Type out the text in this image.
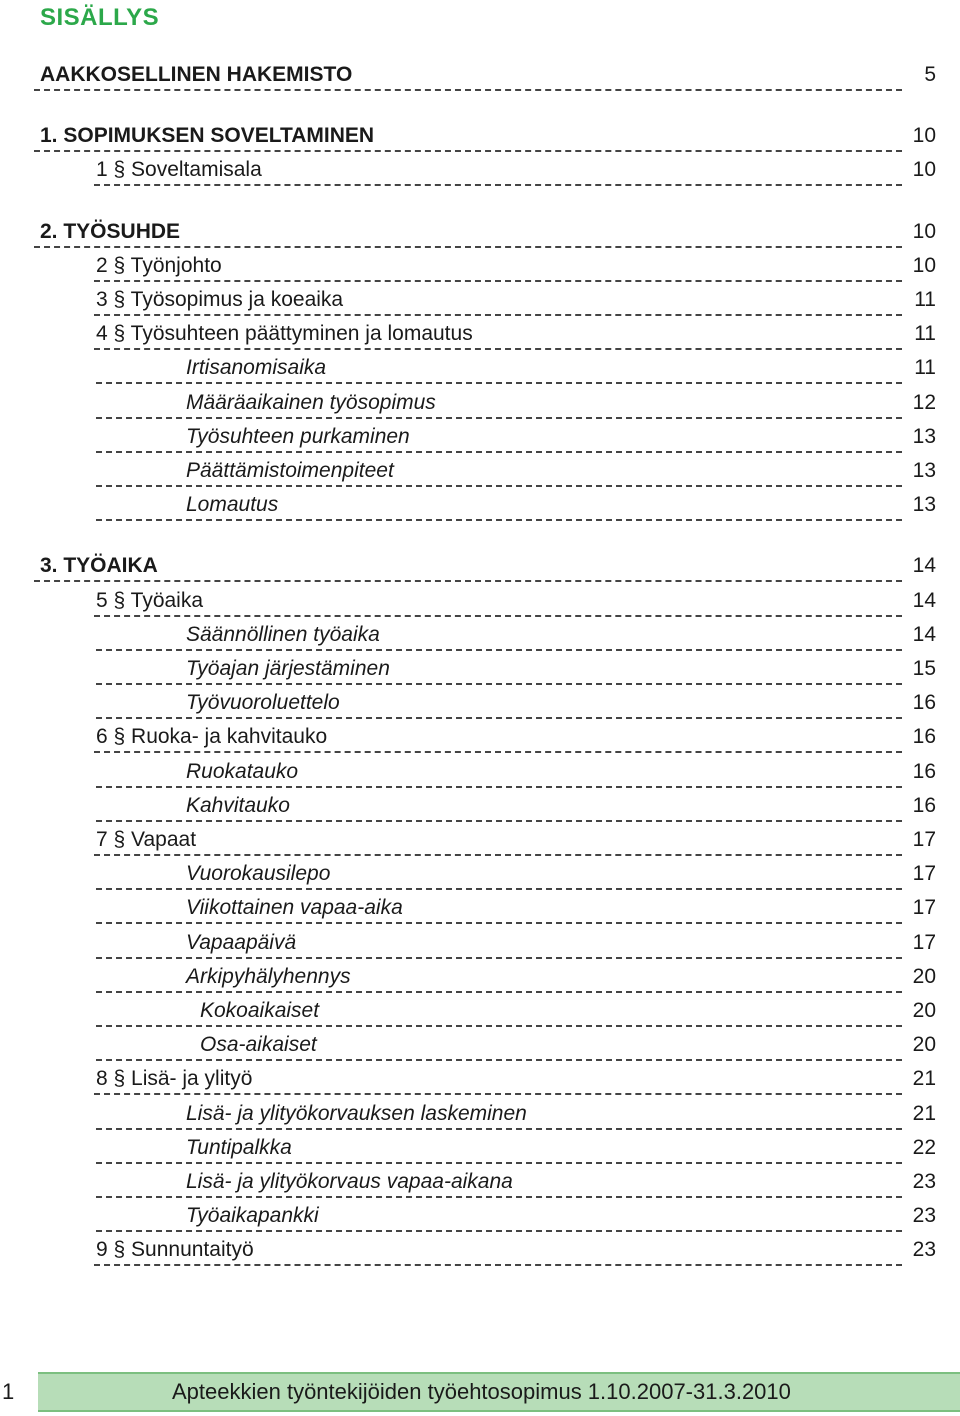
SISÄLLYS
AAKKOSELLINEN HAKEMISTO	5
1. SOPIMUKSEN SOVELTAMINEN	10
1 § Soveltamisala	10
2. TYÖSUHDE	10
2 § Työnjohto	10
3 § Työsopimus ja koeaika	11
4 § Työsuhteen päättyminen ja lomautus	11
Irtisanomisaika	11
Määräaikainen työsopimus	12
Työsuhteen purkaminen	13
Päättämistoimenpiteet	13
Lomautus	13
3. TYÖAIKA	14
5 § Työaika	14
Säännöllinen työaika	14
Työajan järjestäminen	15
Työvuoroluettelo	16
6 § Ruoka- ja kahvitauko	16
Ruokatauko	16
Kahvitauko	16
7 § Vapaat	17
Vuorokausilepo	17
Viikottainen vapaa-aika	17
Vapaapäivä	17
Arkipyhälyhennys	20
Kokoaikaiset	20
Osa-aikaiset	20
8 § Lisä- ja ylityö	21
Lisä- ja ylityökorvauksen laskeminen	21
Tuntipalkka	22
Lisä- ja ylityökorvaus vapaa-aikana	23
Työaikapankki	23
9 § Sunnuntaityö	23
1	Apteekkien työntekijöiden työehtosopimus 1.10.2007-31.3.2010
